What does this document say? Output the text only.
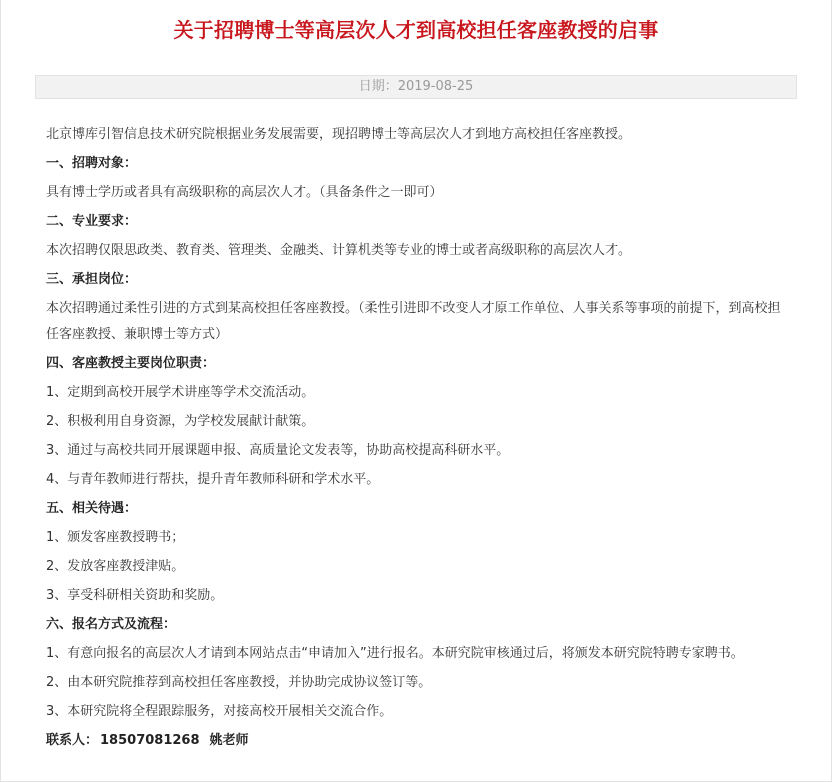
关于招聘博士等高层次人才到高校担任客座教授的启事
日期：2019-08-25

北京博库引智信息技术研究院根据业务发展需要，现招聘博士等高层次人才到地方高校担任客座教授。

一、招聘对象：

具有博士学历或者具有高级职称的高层次人才。（具备条件之一即可）

二、专业要求：

本次招聘仅限思政类、教育类、管理类、金融类、计算机类等专业的博士或者高级职称的高层次人才。

三、承担岗位：

本次招聘通过柔性引进的方式到某高校担任客座教授。（柔性引进即不改变人才原工作单位、人事关系等事项的前提下，到高校担任客座教授、兼职博士等方式）

四、客座教授主要岗位职责：

1、定期到高校开展学术讲座等学术交流活动。

2、积极利用自身资源，为学校发展献计献策。

3、通过与高校共同开展课题申报、高质量论文发表等，协助高校提高科研水平。

4、与青年教师进行帮扶，提升青年教师科研和学术水平。

五、相关待遇：

1、颁发客座教授聘书；

2、发放客座教授津贴。

3、享受科研相关资助和奖励。

六、报名方式及流程：

1、有意向报名的高层次人才请到本网站点击“申请加入”进行报名。本研究院审核通过后，将颁发本研究院特聘专家聘书。

2、由本研究院推荐到高校担任客座教授，并协助完成协议签订等。

3、本研究院将全程跟踪服务，对接高校开展相关交流合作。

联系人： 18507081268 姚老师
